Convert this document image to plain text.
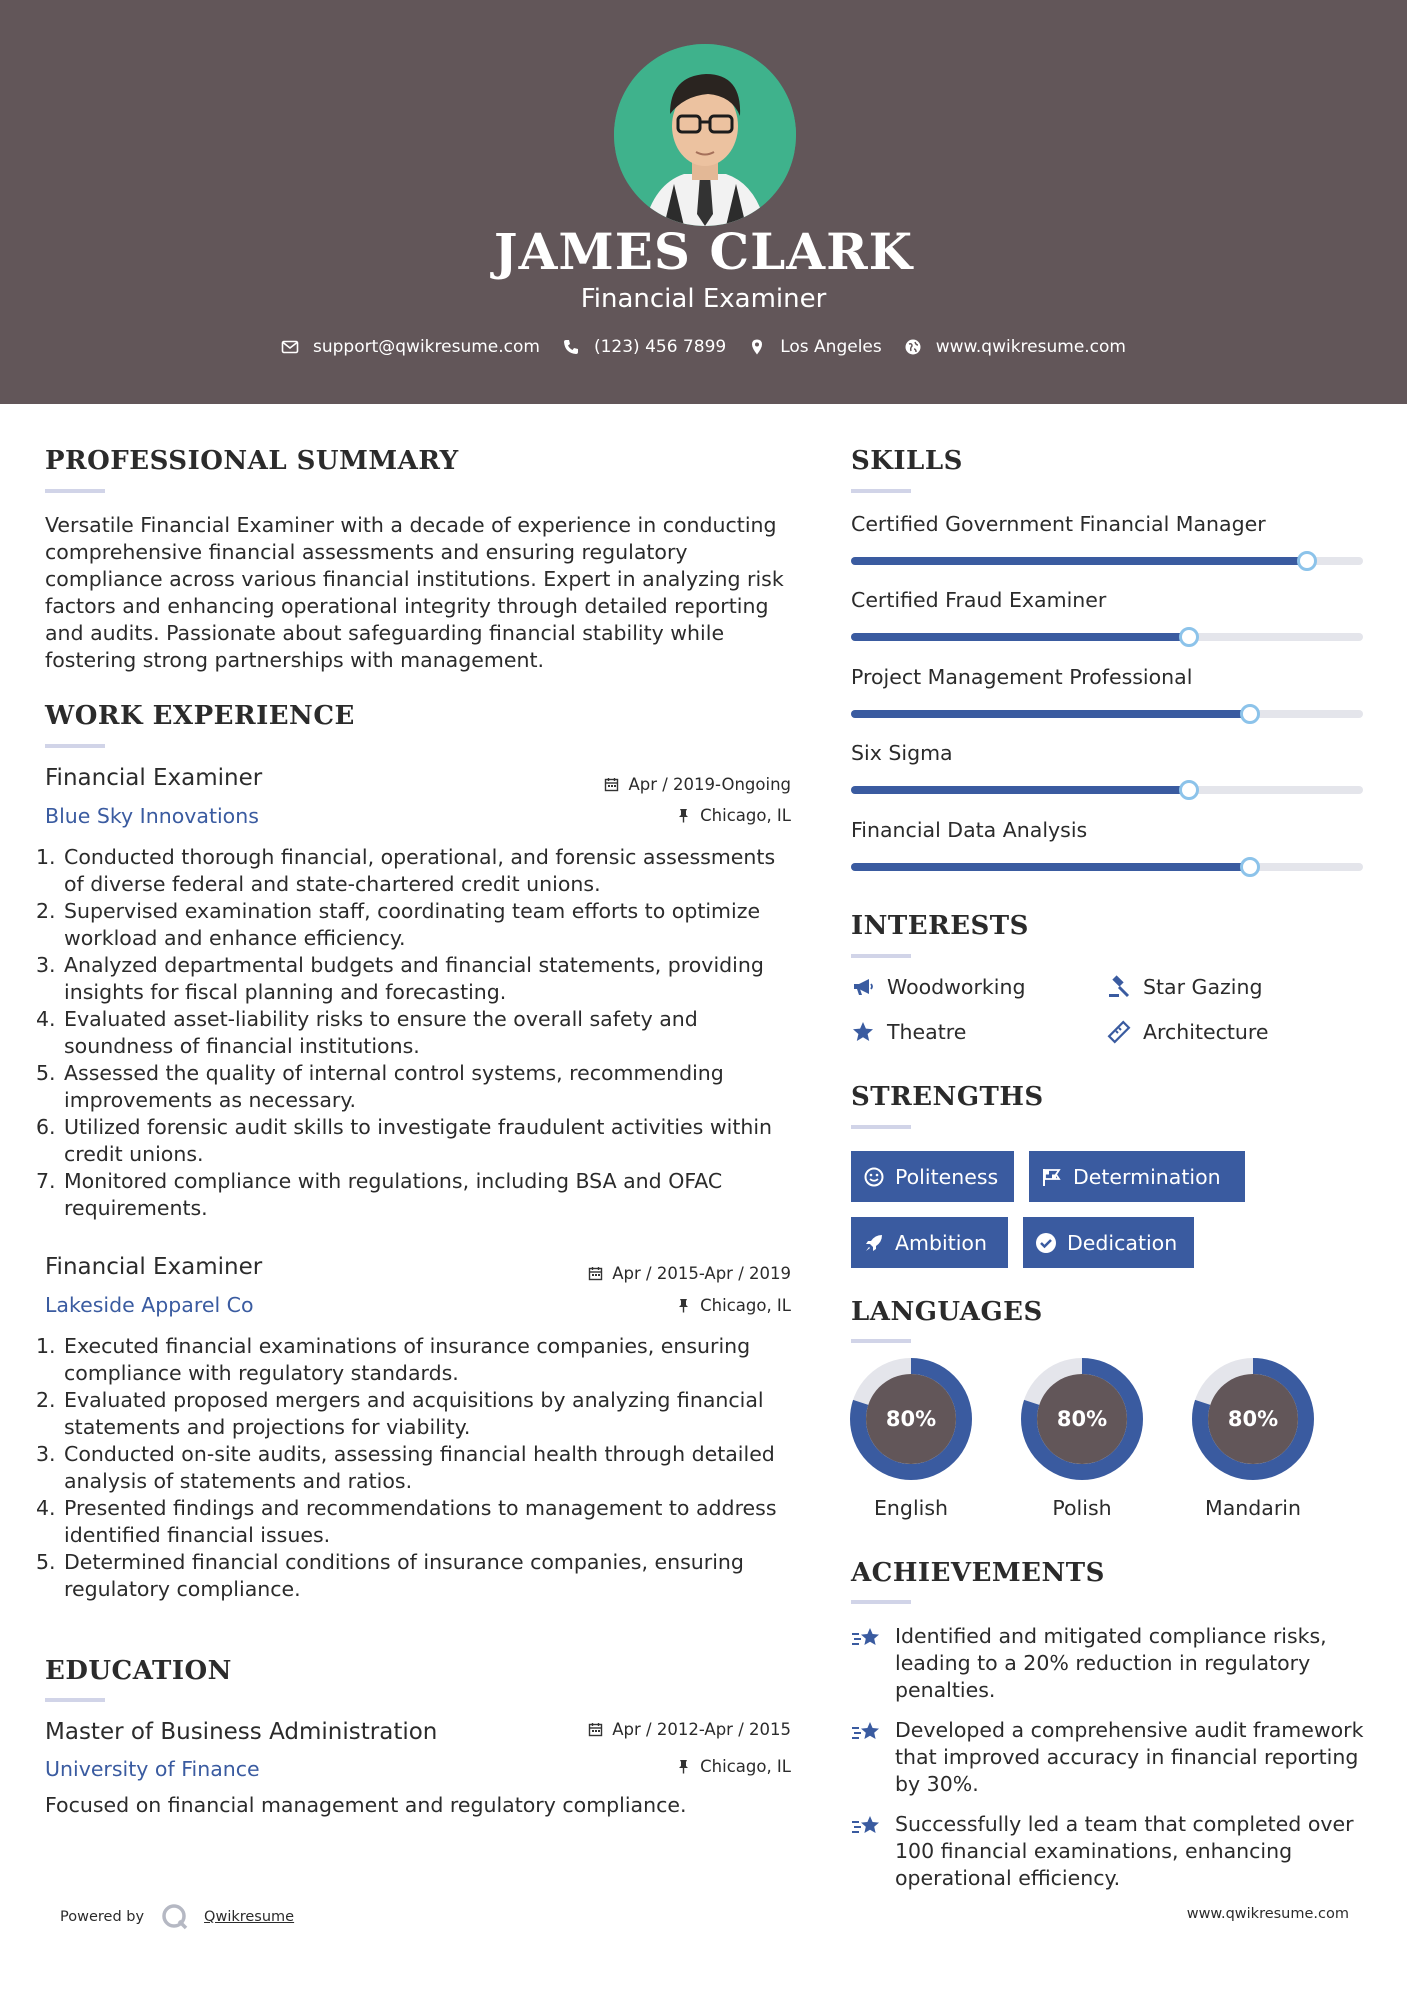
JAMES CLARK
Financial Examiner
support@qwikresume.com	(123) 456 7899	Los Angeles	www.qwikresume.com
PROFESSIONAL SUMMARY
Versatile Financial Examiner with a decade of experience in conducting comprehensive financial assessments and ensuring regulatory compliance across various financial institutions. Expert in analyzing risk factors and enhancing operational integrity through detailed reporting and audits. Passionate about safeguarding financial stability while fostering strong partnerships with management.
WORK EXPERIENCE
Financial Examiner	Apr / 2019-Ongoing
Blue Sky Innovations	Chicago, IL
1. Conducted thorough financial, operational, and forensic assessments of diverse federal and state-chartered credit unions.
2. Supervised examination staff, coordinating team efforts to optimize workload and enhance efficiency.
3. Analyzed departmental budgets and financial statements, providing insights for fiscal planning and forecasting.
4. Evaluated asset-liability risks to ensure the overall safety and soundness of financial institutions.
5. Assessed the quality of internal control systems, recommending improvements as necessary.
6. Utilized forensic audit skills to investigate fraudulent activities within credit unions.
7. Monitored compliance with regulations, including BSA and OFAC requirements.
Financial Examiner	Apr / 2015-Apr / 2019
Lakeside Apparel Co	Chicago, IL
1. Executed financial examinations of insurance companies, ensuring compliance with regulatory standards.
2. Evaluated proposed mergers and acquisitions by analyzing financial statements and projections for viability.
3. Conducted on-site audits, assessing financial health through detailed analysis of statements and ratios.
4. Presented findings and recommendations to management to address identified financial issues.
5. Determined financial conditions of insurance companies, ensuring regulatory compliance.
EDUCATION
Master of Business Administration	Apr / 2012-Apr / 2015
University of Finance	Chicago, IL
Focused on financial management and regulatory compliance.
SKILLS
Certified Government Financial Manager
Certified Fraud Examiner
Project Management Professional
Six Sigma
Financial Data Analysis
INTERESTS
Woodworking	Star Gazing
Theatre	Architecture
STRENGTHS
Politeness	Determination
Ambition	Dedication
LANGUAGES
80%
English
80%
Polish
80%
Mandarin
ACHIEVEMENTS
Identified and mitigated compliance risks, leading to a 20% reduction in regulatory penalties.
Developed a comprehensive audit framework that improved accuracy in financial reporting by 30%.
Successfully led a team that completed over 100 financial examinations, enhancing operational efficiency.
Powered by	Qwikresume	www.qwikresume.com
